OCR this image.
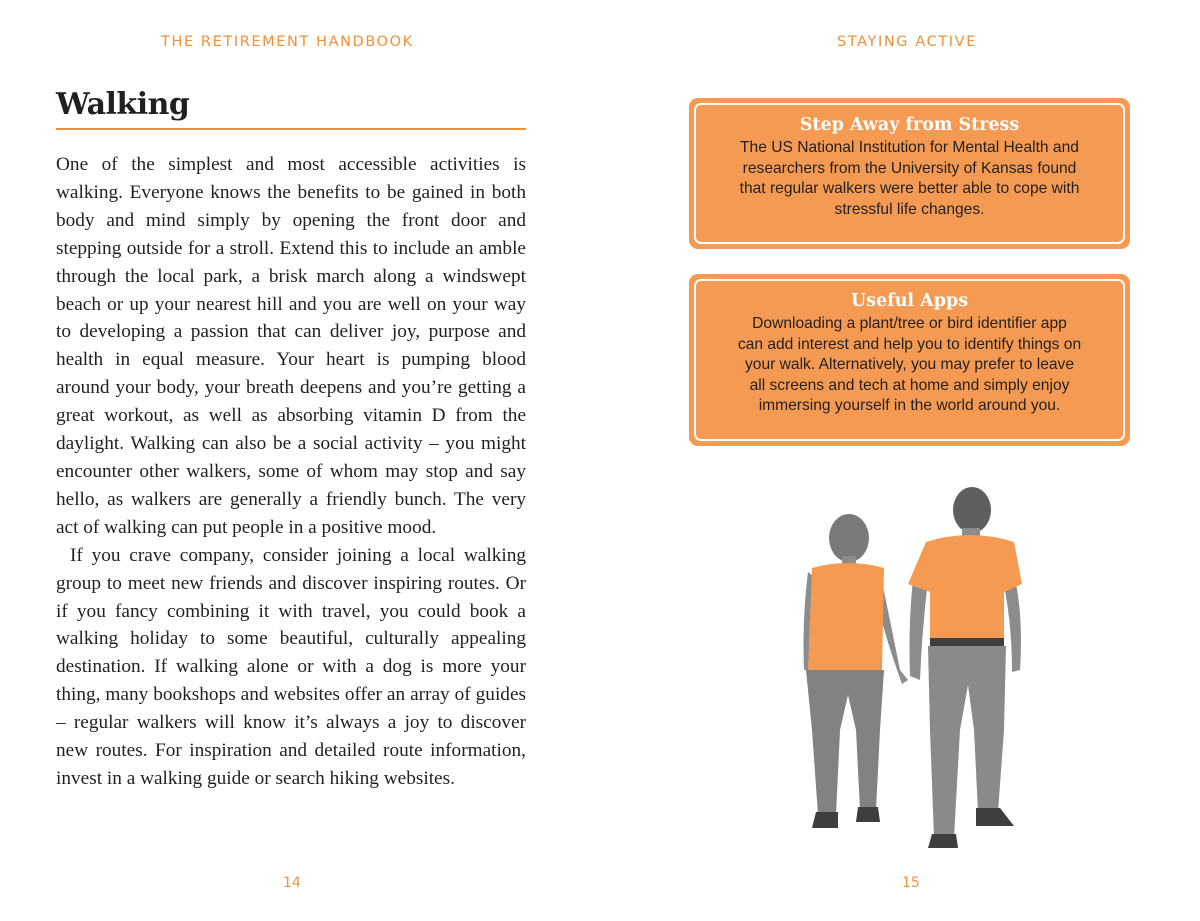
THE RETIREMENT HANDBOOK	STAYING ACTIVE
Walking

One of the simplest and most accessible activities is walking. Everyone knows the benefits to be gained in both body and mind simply by opening the front door and stepping outside for a stroll. Extend this to include an amble through the local park, a brisk march along a windswept beach or up your nearest hill and you are well on your way to developing a passion that can deliver joy, purpose and health in equal measure. Your heart is pumping blood around your body, your breath deepens and you’re getting a great workout, as well as absorbing vitamin D from the daylight. Walking can also be a social activity – you might encounter other walkers, some of whom may stop and say hello, as walkers are generally a friendly bunch. The very act of walking can put people in a positive mood.

If you crave company, consider joining a local walking group to meet new friends and discover inspiring routes. Or if you fancy combining it with travel, you could book a walking holiday to some beautiful, culturally appealing destination. If walking alone or with a dog is more your thing, many bookshops and websites offer an array of guides – regular walkers will know it’s always a joy to discover new routes. For inspiration and detailed route information, invest in a walking guide or search hiking websites.

Step Away from Stress

The US National Institution for Mental Health and
researchers from the University of Kansas found
that regular walkers were better able to cope with
stressful life changes.

Useful Apps

Downloading a plant/tree or bird identifier app
can add interest and help you to identify things on
your walk. Alternatively, you may prefer to leave
all screens and tech at home and simply enjoy
immersing yourself in the world around you.

14	15
